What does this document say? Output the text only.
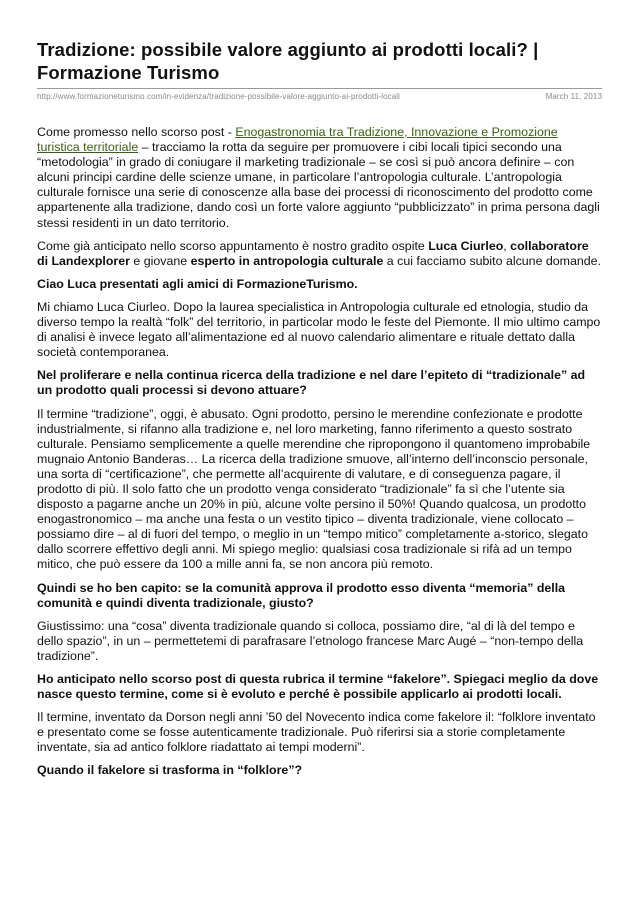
Tradizione: possibile valore aggiunto ai prodotti locali? | Formazione Turismo
http://www.formazioneturismo.com/in-evidenza/tradizione-possibile-valore-aggiunto-ai-prodotti-locali	March 11, 2013

Come promesso nello scorso post - Enogastronomia tra Tradizione, Innovazione e Promozione turistica territoriale – tracciamo la rotta da seguire per promuovere i cibi locali tipici secondo una “metodologia” in grado di coniugare il marketing tradizionale – se così si può ancora definire – con alcuni principi cardine delle scienze umane, in particolare l’antropologia culturale. L’antropologia culturale fornisce una serie di conoscenze alla base dei processi di riconoscimento del prodotto come appartenente alla tradizione, dando così un forte valore aggiunto “pubblicizzato” in prima persona dagli stessi residenti in un dato territorio.

Come già anticipato nello scorso appuntamento è nostro gradito ospite Luca Ciurleo, collaboratore di Landexplorer e giovane esperto in antropologia culturale a cui facciamo subito alcune domande.

Ciao Luca presentati agli amici di FormazioneTurismo.

Mi chiamo Luca Ciurleo. Dopo la laurea specialistica in Antropologia culturale ed etnologia, studio da diverso tempo la realtà “folk” del territorio, in particolar modo le feste del Piemonte. Il mio ultimo campo di analisi è invece legato all’alimentazione ed al nuovo calendario alimentare e rituale dettato dalla società contemporanea.

Nel proliferare e nella continua ricerca della tradizione e nel dare l’epiteto di “tradizionale” ad un prodotto quali processi si devono attuare?

Il termine “tradizione”, oggi, è abusato. Ogni prodotto, persino le merendine confezionate e prodotte industrialmente, si rifanno alla tradizione e, nel loro marketing, fanno riferimento a questo sostrato culturale. Pensiamo semplicemente a quelle merendine che ripropongono il quantomeno improbabile mugnaio Antonio Banderas… La ricerca della tradizione smuove, all’interno dell’inconscio personale, una sorta di “certificazione”, che permette all’acquirente di valutare, e di conseguenza pagare, il prodotto di più. Il solo fatto che un prodotto venga considerato “tradizionale” fa sì che l’utente sia disposto a pagarne anche un 20% in più, alcune volte persino il 50%! Quando qualcosa, un prodotto enogastronomico – ma anche una festa o un vestito tipico – diventa tradizionale, viene collocato – possiamo dire – al di fuori del tempo, o meglio in un “tempo mitico” completamente a-storico, slegato dallo scorrere effettivo degli anni. Mi spiego meglio: qualsiasi cosa tradizionale si rifà ad un tempo mitico, che può essere da 100 a mille anni fa, se non ancora più remoto.

Quindi se ho ben capito: se la comunità approva il prodotto esso diventa “memoria” della comunità e quindi diventa tradizionale, giusto?

Giustissimo: una “cosa” diventa tradizionale quando si colloca, possiamo dire, “al di là del tempo e dello spazio”, in un – permettetemi di parafrasare l’etnologo francese Marc Augé – “non-tempo della tradizione”.

Ho anticipato nello scorso post di questa rubrica il termine “fakelore”. Spiegaci meglio da dove nasce questo termine, come si è evoluto e perché è possibile applicarlo ai prodotti locali.

Il termine, inventato da Dorson negli anni ’50 del Novecento indica come fakelore il: “folklore inventato e presentato come se fosse autenticamente tradizionale. Può riferirsi sia a storie completamente inventate, sia ad antico folklore riadattato ai tempi moderni”.

Quando il fakelore si trasforma in “folklore”?
